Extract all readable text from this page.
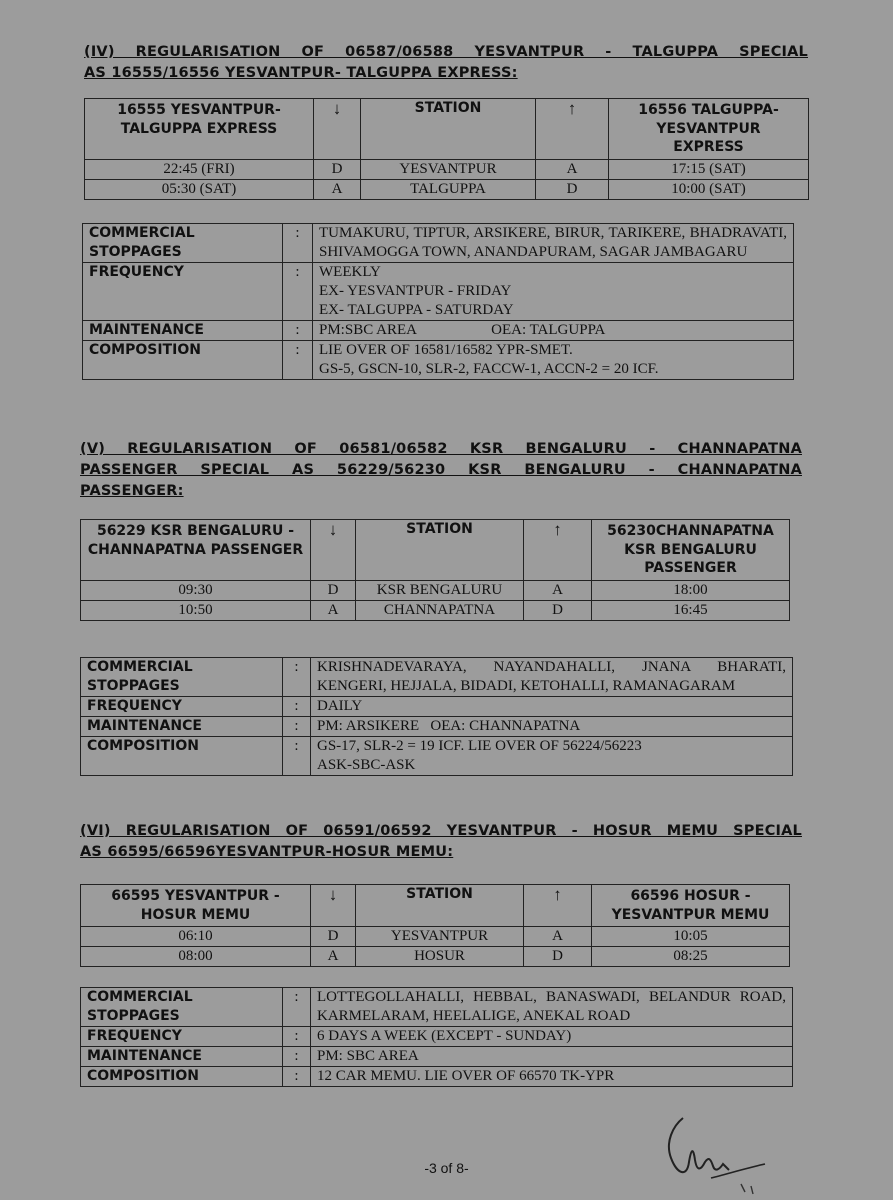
(IV) REGULARISATION OF 06587/06588 YESVANTPUR - TALGUPPA SPECIAL
AS 16555/16556 YESVANTPUR- TALGUPPA EXPRESS:

16555 YESVANTPUR-TALGUPPA EXPRESS	↓	STATION	↑	16556 TALGUPPA-YESVANTPUR EXPRESS
22:45 (FRI)	D	YESVANTPUR	A	17:15 (SAT)
05:30 (SAT)	A	TALGUPPA	D	10:00 (SAT)
COMMERCIAL
STOPPAGES	:	TUMAKURU, TIPTUR, ARSIKERE, BIRUR, TARIKERE, BHADRAVATI, SHIVAMOGGA TOWN, ANANDAPURAM, SAGAR JAMBAGARU

FREQUENCY	:	WEEKLY
EX- YESVANTPUR - FRIDAY
EX- TALGUPPA - SATURDAY

MAINTENANCE	:	PM:SBC AREA                    OEA: TALGUPPA
COMPOSITION	:	LIE OVER OF 16581/16582 YPR-SMET.
GS-5, GSCN-10, SLR-2, FACCW-1, ACCN-2 = 20 ICF.

(V) REGULARISATION OF 06581/06582 KSR BENGALURU - CHANNAPATNA
PASSENGER SPECIAL AS 56229/56230 KSR BENGALURU - CHANNAPATNA
PASSENGER:

56229 KSR BENGALURU - CHANNAPATNA PASSENGER	↓	STATION	↑	56230CHANNAPATNA KSR BENGALURU PASSENGER
09:30	D	KSR BENGALURU	A	18:00
10:50	A	CHANNAPATNA	D	16:45
COMMERCIAL
STOPPAGES	:	KRISHNADEVARAYA, NAYANDAHALLI, JNANA BHARATI, KENGERI, HEJJALA, BIDADI, KETOHALLI, RAMANAGARAM

FREQUENCY	:	DAILY
MAINTENANCE	:	PM: ARSIKERE   OEA: CHANNAPATNA
COMPOSITION	:	GS-17, SLR-2 = 19 ICF. LIE OVER OF 56224/56223
ASK-SBC-ASK

(VI) REGULARISATION OF 06591/06592 YESVANTPUR - HOSUR MEMU SPECIAL
AS 66595/66596YESVANTPUR-HOSUR MEMU:

66595 YESVANTPUR - HOSUR MEMU	↓	STATION	↑	66596 HOSUR - YESVANTPUR MEMU
06:10	D	YESVANTPUR	A	10:05
08:00	A	HOSUR	D	08:25
COMMERCIAL
STOPPAGES	:	LOTTEGOLLAHALLI, HEBBAL, BANASWADI, BELANDUR ROAD, KARMELARAM, HEELALIGE, ANEKAL ROAD

FREQUENCY	:	6 DAYS A WEEK (EXCEPT - SUNDAY)
MAINTENANCE	:	PM: SBC AREA
COMPOSITION	:	12 CAR MEMU. LIE OVER OF 66570 TK-YPR
-3 of 8-
